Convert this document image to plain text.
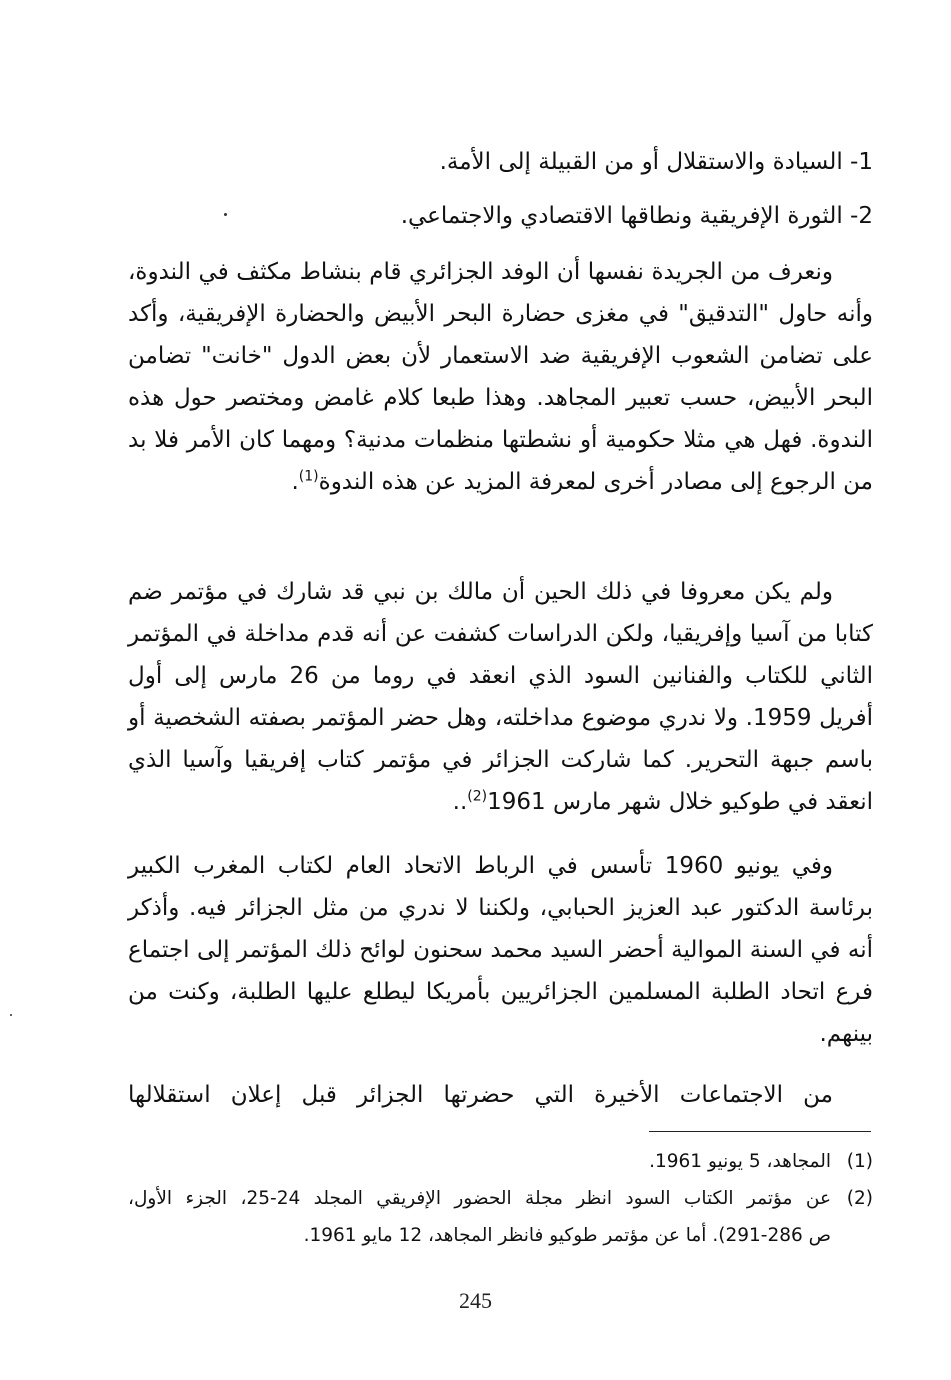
1- السيادة والاستقلال أو من القبيلة إلى الأمة.
2- الثورة الإفريقية ونطاقها الاقتصادي والاجتماعي.
ونعرف من الجريدة نفسها أن الوفد الجزائري قام بنشاط مكثف في الندوة، وأنه حاول "التدقيق" في مغزى حضارة البحر الأبيض والحضارة الإفريقية، وأكد على تضامن الشعوب الإفريقية ضد الاستعمار لأن بعض الدول "خانت" تضامن البحر الأبيض، حسب تعبير المجاهد. وهذا طبعا كلام غامض ومختصر حول هذه الندوة. فهل هي مثلا حكومية أو نشطتها منظمات مدنية؟ ومهما كان الأمر فلا بد من الرجوع إلى مصادر أخرى لمعرفة المزيد عن هذه الندوة$^{(1)}$.
ولم يكن معروفا في ذلك الحين أن مالك بن نبي قد شارك في مؤتمر ضم كتابا من آسيا وإفريقيا، ولكن الدراسات كشفت عن أنه قدم مداخلة في المؤتمر الثاني للكتاب والفنانين السود الذي انعقد في روما من 26 مارس إلى أول أفريل 1959. ولا ندري موضوع مداخلته، وهل حضر المؤتمر بصفته الشخصية أو باسم جبهة التحرير. كما شاركت الجزائر في مؤتمر كتاب إفريقيا وآسيا الذي انعقد في طوكيو خلال شهر مارس 1961$^{(2)}$..
وفي يونيو 1960 تأسس في الرباط الاتحاد العام لكتاب المغرب الكبير برئاسة الدكتور عبد العزيز الحبابي، ولكننا لا ندري من مثل الجزائر فيه. وأذكر أنه في السنة الموالية أحضر السيد محمد سحنون لوائح ذلك المؤتمر إلى اجتماع فرع اتحاد الطلبة المسلمين الجزائريين بأمريكا ليطلع عليها الطلبة، وكنت من بينهم.
من الاجتماعات الأخيرة التي حضرتها الجزائر قبل إعلان استقلالها
(1)
المجاهد، 5 يونيو 1961.
(2)
عن مؤتمر الكتاب السود انظر مجلة الحضور الإفريقي المجلد 24-25، الجزء الأول،
ص 286-291). أما عن مؤتمر طوكيو فانظر المجاهد، 12 مايو 1961.
245
